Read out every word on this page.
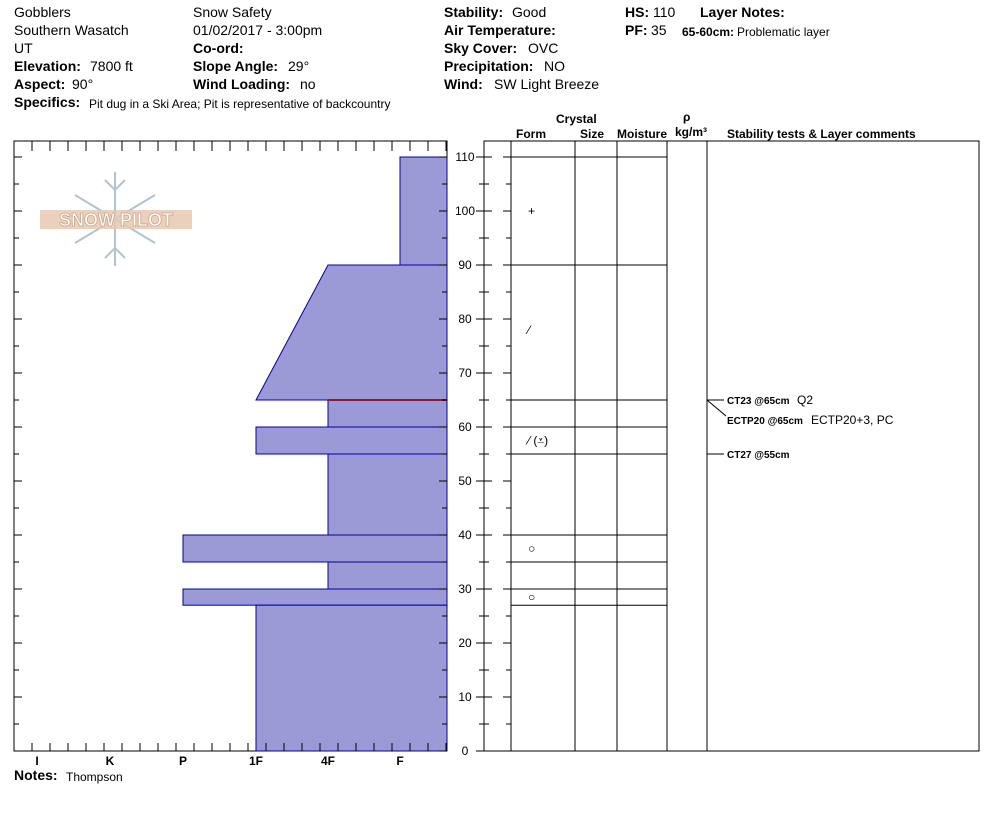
Gobblers
Southern Wasatch
UT
Elevation: 7800 ft
Aspect: 90°
Specifics: Pit dug in a Ski Area; Pit is representative of backcountry
Snow Safety
01/02/2017 - 3:00pm
Co-ord:
Slope Angle: 29°
Wind Loading: no
Stability: Good
Air Temperature:
Sky Cover: OVC
Precipitation: NO
Wind: SW Light Breeze
HS: 110
PF: 35
Layer Notes:
65-60cm: Problematic layer
Crystal
Form	Size Moisture
ρ
kg/m³ Stability tests & Layer comments
SNOW PILOT
I	K	P	1F	4F	F
0
10
20
30
40
50
60
70
80
90
100
110
+
⁄
⁄ (⩡)
○
○
CT23 @65cm Q2
ECTP20 @65cm ECTP20+3, PC
CT27 @55cm
Notes: Thompson
